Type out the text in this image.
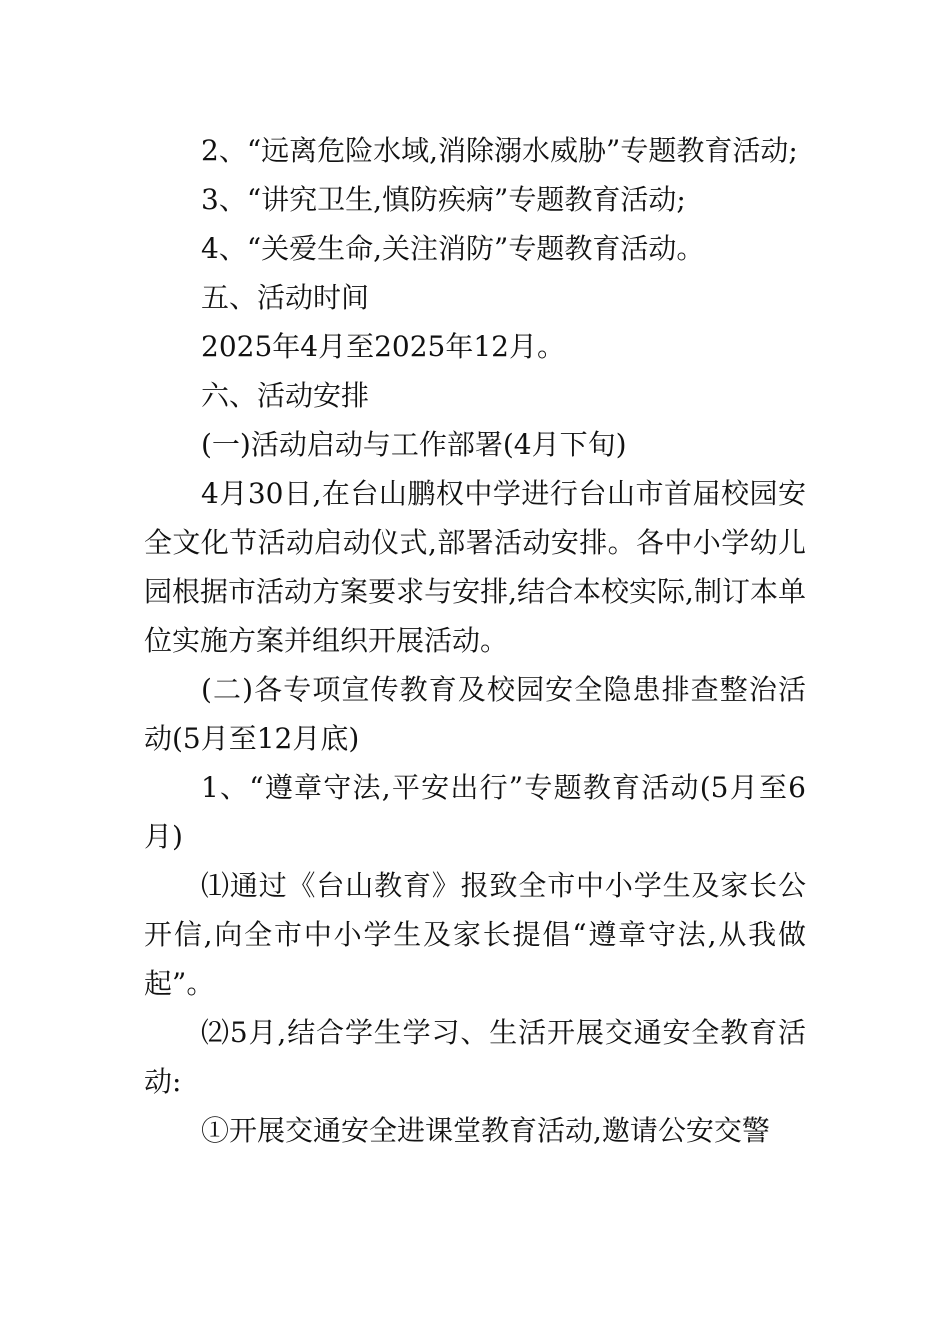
2、“远离危险水域,消除溺水威胁”专题教育活动;

3、“讲究卫生,慎防疾病”专题教育活动;

4、“关爱生命,关注消防”专题教育活动。

五、活动时间

2025年4月至2025年12月。

六、活动安排

(一)活动启动与工作部署(4月下旬)

4月30日,在台山鹏权中学进行台山市首届校园安全文化节活动启动仪式,部署活动安排。各中小学幼儿园根据市活动方案要求与安排,结合本校实际,制订本单位实施方案并组织开展活动。

(二)各专项宣传教育及校园安全隐患排查整治活动(5月至12月底)

1、“遵章守法,平安出行”专题教育活动(5月至6月)

⑴通过《台山教育》报致全市中小学生及家长公开信,向全市中小学生及家长提倡“遵章守法,从我做起”。

⑵5月,结合学生学习、生活开展交通安全教育活动:

①开展交通安全进课堂教育活动,邀请公安交警
